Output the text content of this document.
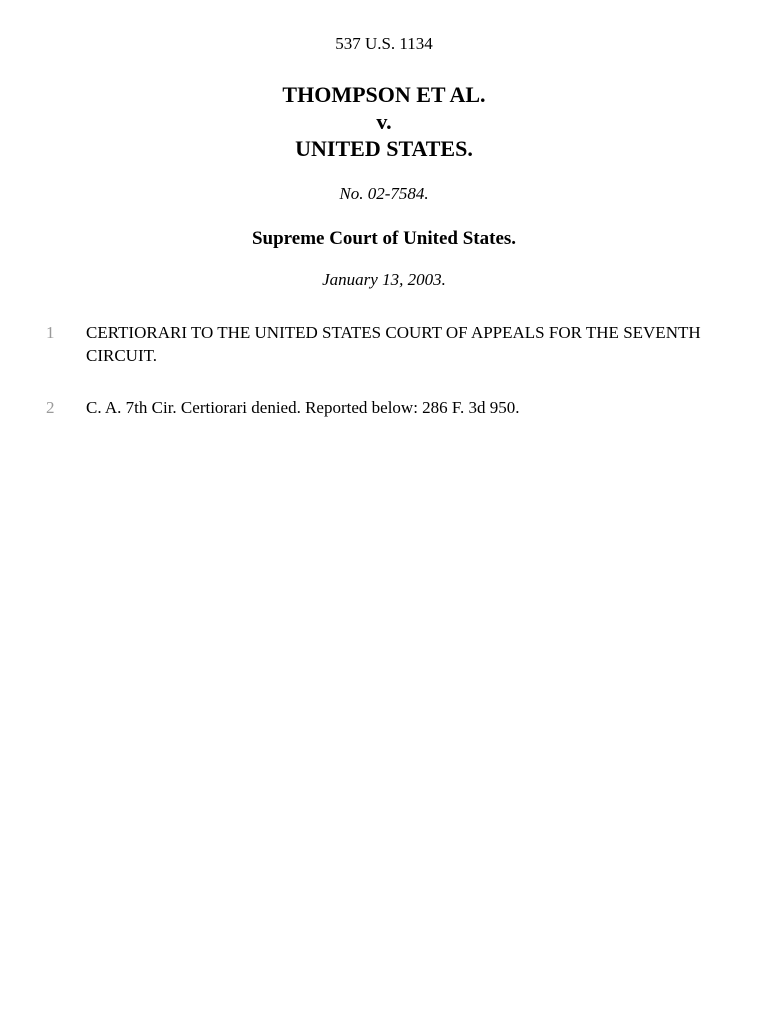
537 U.S. 1134
THOMPSON ET AL.
v.
UNITED STATES.
No. 02-7584.
Supreme Court of United States.
January 13, 2003.
1 CERTIORARI TO THE UNITED STATES COURT OF APPEALS FOR THE SEVENTH CIRCUIT.
2 C. A. 7th Cir. Certiorari denied. Reported below: 286 F. 3d 950.
